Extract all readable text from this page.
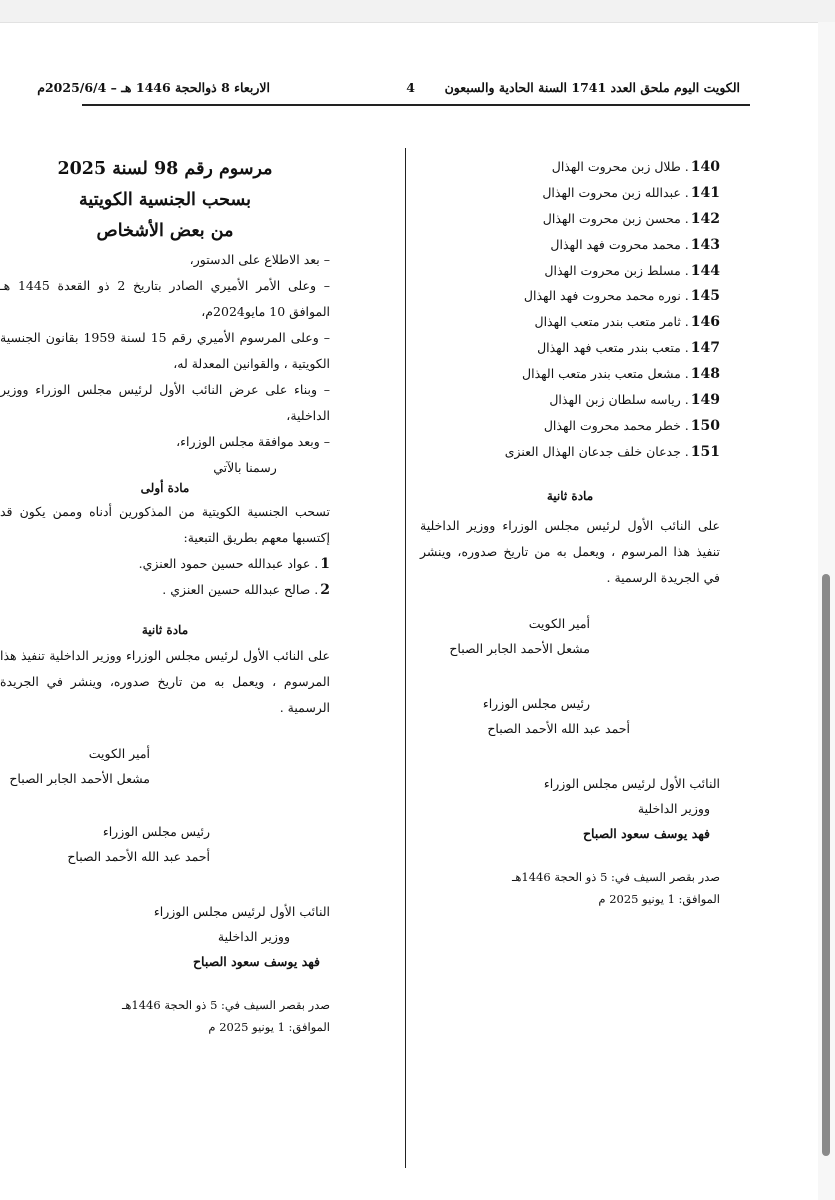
الكويت اليوم ملحق العدد 1741 السنة الحادية والسبعون
4
الاربعاء 8 ذوالحجة 1446 هـ – 2025/6/4م
140. طلال زبن محروت الهذال
141. عبدالله زبن محروت الهذال
142. محسن زبن محروت الهذال
143. محمد محروت فهد الهذال
144. مسلط زبن محروت الهذال
145. نوره محمد محروت فهد الهذال
146. ثامر متعب بندر متعب الهذال
147. متعب بندر متعب فهد الهذال
148. مشعل متعب بندر متعب الهذال
149. رياسه سلطان زبن الهذال
150. خطر محمد محروت الهذال
151. جدعان خلف جدعان الهذال العنزى
مادة ثانية
على النائب الأول لرئيس مجلس الوزراء ووزير الداخلية تنفيذ هذا المرسوم ، ويعمل به من تاريخ صدوره، وينشر في الجريدة الرسمية .
أمير الكويت
مشعل الأحمد الجابر الصباح
رئيس مجلس الوزراء
أحمد عبد الله الأحمد الصباح
النائب الأول لرئيس مجلس الوزراء
ووزير الداخلية
فهد يوسف سعود الصباح
صدر بقصر السيف في: 5 ذو الحجة 1446هـ
الموافق: 1 يونيو 2025 م
مرسوم رقم 98 لسنة 2025
بسحب الجنسية الكويتية
من بعض الأشخاص
– بعد الاطلاع على الدستور،
– وعلى الأمر الأميري الصادر بتاريخ 2 ذو القعدة 1445 هـ الموافق 10 مايو2024م،
– وعلى المرسوم الأميري رقم 15 لسنة 1959 بقانون الجنسية الكويتية ، والقوانين المعدلة له،
– وبناء على عرض النائب الأول لرئيس مجلس الوزراء ووزير الداخلية،
– وبعد موافقة مجلس الوزراء،
رسمنا بالآتي
مادة أولى
تسحب الجنسية الكويتية من المذكورين أدناه وممن يكون قد إكتسبها معهم بطريق التبعية:
1. عواد عبدالله حسين حمود العنزي.
2. صالح عبدالله حسين العنزي .
مادة ثانية
على النائب الأول لرئيس مجلس الوزراء ووزير الداخلية تنفيذ هذا المرسوم ، ويعمل به من تاريخ صدوره، وينشر في الجريدة الرسمية .
أمير الكويت
مشعل الأحمد الجابر الصباح
رئيس مجلس الوزراء
أحمد عبد الله الأحمد الصباح
النائب الأول لرئيس مجلس الوزراء
ووزير الداخلية
فهد يوسف سعود الصباح
صدر بقصر السيف في: 5 ذو الحجة 1446هـ
الموافق: 1 يونيو 2025 م
